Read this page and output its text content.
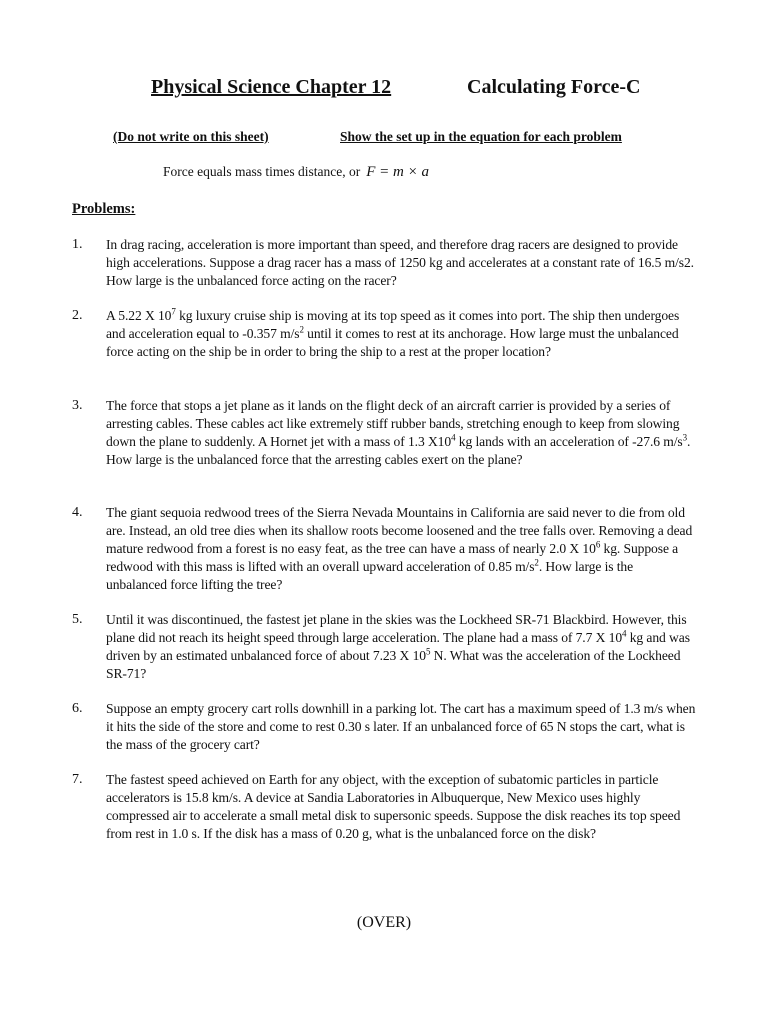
Physical Science Chapter 12	Calculating Force-C
(Do not write on this sheet)	Show the set up in the equation for each problem
Force equals mass times distance, or F = m × a
Problems:
1. In drag racing, acceleration is more important than speed, and therefore drag racers are designed to provide high accelerations. Suppose a drag racer has a mass of 1250 kg and accelerates at a constant rate of 16.5 m/s2. How large is the unbalanced force acting on the racer?
2. A 5.22 X $10^7$ kg luxury cruise ship is moving at its top speed as it comes into port. The ship then undergoes and acceleration equal to -0.357 $m/s^2$ until it comes to rest at its anchorage. How large must the unbalanced force acting on the ship be in order to bring the ship to a rest at the proper location?
3. The force that stops a jet plane as it lands on the flight deck of an aircraft carrier is provided by a series of arresting cables. These cables act like extremely stiff rubber bands, stretching enough to keep from slowing down the plane to suddenly. A Hornet jet with a mass of 1.3 $X10^4$ kg lands with an acceleration of -27.6 $m/s^3$. How large is the unbalanced force that the arresting cables exert on the plane?
4. The giant sequoia redwood trees of the Sierra Nevada Mountains in California are said never to die from old are. Instead, an old tree dies when its shallow roots become loosened and the tree falls over. Removing a dead mature redwood from a forest is no easy feat, as the tree can have a mass of nearly 2.0 X $10^6$ kg. Suppose a redwood with this mass is lifted with an overall upward acceleration of 0.85 $m/s^2$. How large is the unbalanced force lifting the tree?
5. Until it was discontinued, the fastest jet plane in the skies was the Lockheed SR-71 Blackbird. However, this plane did not reach its height speed through large acceleration. The plane had a mass of 7.7 X $10^4$ kg and was driven by an estimated unbalanced force of about 7.23 X $10^5$ N. What was the acceleration of the Lockheed SR-71?
6. Suppose an empty grocery cart rolls downhill in a parking lot. The cart has a maximum speed of 1.3 m/s when it hits the side of the store and come to rest 0.30 s later. If an unbalanced force of 65 N stops the cart, what is the mass of the grocery cart?
7. The fastest speed achieved on Earth for any object, with the exception of subatomic particles in particle accelerators is 15.8 km/s. A device at Sandia Laboratories in Albuquerque, New Mexico uses highly compressed air to accelerate a small metal disk to supersonic speeds. Suppose the disk reaches its top speed from rest in 1.0 s. If the disk has a mass of 0.20 g, what is the unbalanced force on the disk?
(OVER)
